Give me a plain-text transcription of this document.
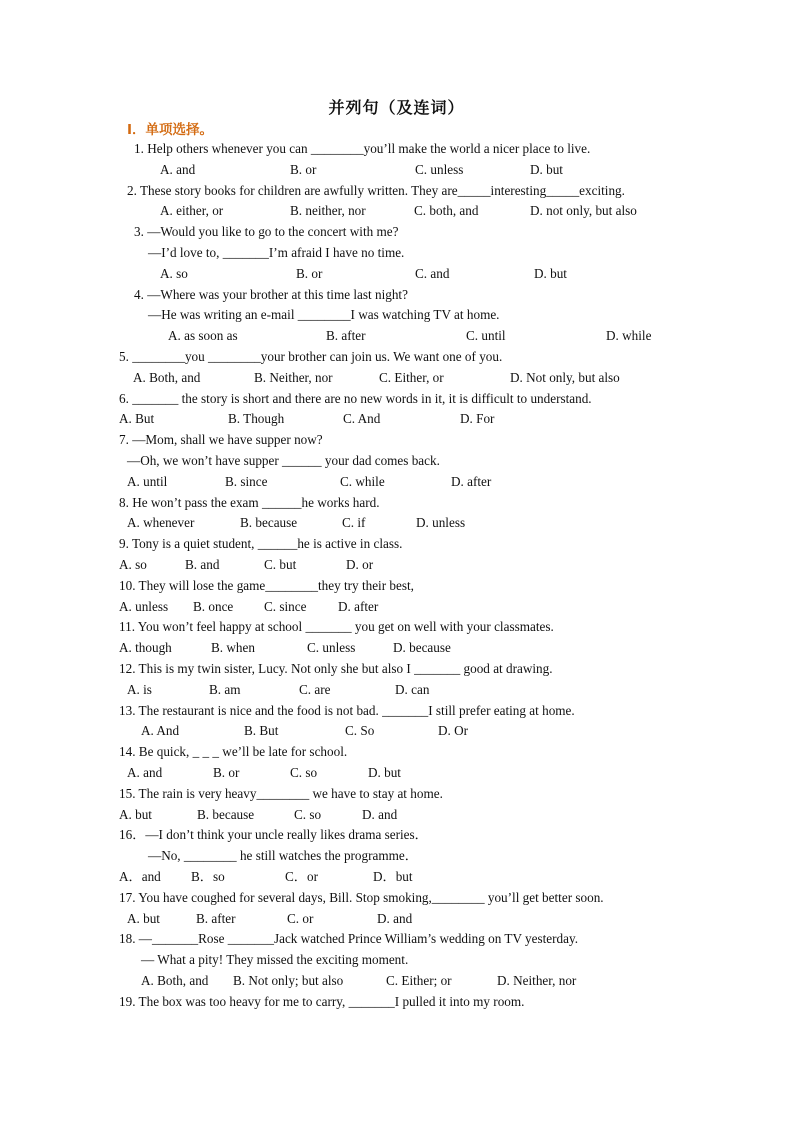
并列句（及连词）
I．单项选择。
1. Help others whenever you can ________you’ll make the world a nicer place to live.
A. and	B. or	C. unless	D. but
2. These story books for children are awfully written. They are_____interesting_____exciting.
A. either, or	B. neither, nor	C. both, and	D. not only, but also
3. —Would you like to go to the concert with me?
—I’d love to, _______I’m afraid I have no time.
A. so	B. or	C. and	D. but
4. —Where was your brother at this time last night?
—He was writing an e-mail ________I was watching TV at home.
A. as soon as	B. after	C. until	D. while
5. ________you ________your brother can join us. We want one of you.
A. Both, and	B. Neither, nor	C. Either, or	D. Not only, but also
6. _______ the story is short and there are no new words in it, it is difficult to understand.
A. But	B. Though	C. And	D. For
7. —Mom, shall we have supper now?
—Oh, we won’t have supper ______ your dad comes back.
A. until	B. since	C. while	D. after
8. He won’t pass the exam ______he works hard.
A. whenever	B. because	C. if	D. unless
9. Tony is a quiet student, ______he is active in class.
A. so	B. and	C. but	D. or
10. They will lose the game________they try their best,
A. unless B. once C. since D. after
11. You won’t feel happy at school _______ you get on well with your classmates.
A. though	B. when	C. unless	D. because
12. This is my twin sister, Lucy. Not only she but also I _______ good at drawing.
A. is	B. am	C. are	D. can
13. The restaurant is nice and the food is not bad. _______I still prefer eating at home.
A. And	B. But	C. So	D. Or
14. Be quick, _ _ _ we’ll be late for school.
A. and	B. or	C. so	D. but
15. The rain is very heavy________ we have to stay at home.
A. but	B. because	C. so	D. and
16．—I don’t think your uncle really likes drama series．
—No, ________ he still watches the programme．
A．and B．so	C．or	D．but
17. You have coughed for several days, Bill. Stop smoking,________ you’ll get better soon.
A. but	B. after	C. or	D. and
18. —_______Rose _______Jack watched Prince William’s wedding on TV yesterday.
— What a pity! They missed the exciting moment.
A. Both, and B. Not only; but also	C. Either; or	D. Neither, nor
19. The box was too heavy for me to carry, _______I pulled it into my room.
